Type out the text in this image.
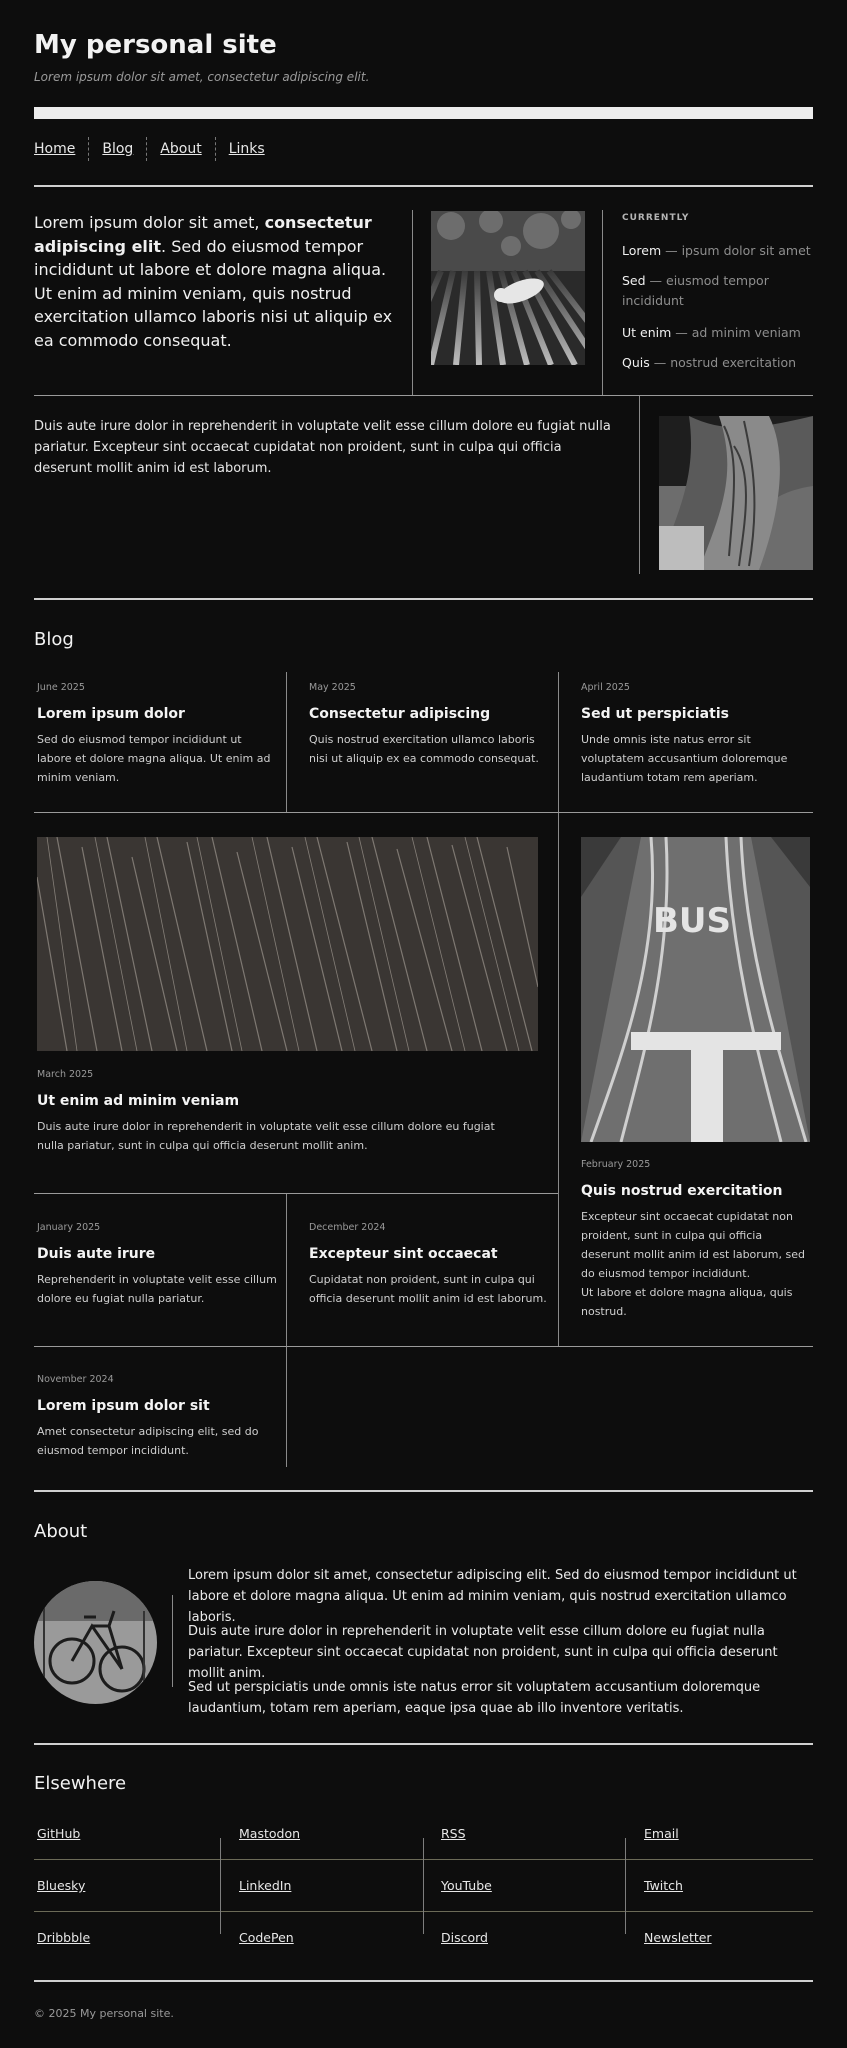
My personal site
Lorem ipsum dolor sit amet, consectetur adipiscing elit.
Home	Blog	About	Links
Lorem ipsum dolor sit amet, consectetur adipiscing elit. Sed do eiusmod tempor incididunt ut labore et dolore magna aliqua. Ut enim ad minim veniam, quis nostrud exercitation ullamco laboris nisi ut aliquip ex ea commodo consequat.
CURRENTLY
Lorem — ipsum dolor sit amet
Sed — eiusmod tempor incididunt
Ut enim — ad minim veniam
Quis — nostrud exercitation
Duis aute irure dolor in reprehenderit in voluptate velit esse cillum dolore eu fugiat nulla pariatur. Excepteur sint occaecat cupidatat non proident, sunt in culpa qui officia deserunt mollit anim id est laborum.
Blog
June 2025
Lorem ipsum dolor
Sed do eiusmod tempor incididunt ut labore et dolore magna aliqua. Ut enim ad minim veniam.
May 2025
Consectetur adipiscing
Quis nostrud exercitation ullamco laboris nisi ut aliquip ex ea commodo consequat.
April 2025
Sed ut perspiciatis
Unde omnis iste natus error sit voluptatem accusantium doloremque laudantium totam rem aperiam.
March 2025
Ut enim ad minim veniam
Duis aute irure dolor in reprehenderit in voluptate velit esse cillum dolore eu fugiat nulla pariatur, sunt in culpa qui officia deserunt mollit anim.
BUS
February 2025
Quis nostrud exercitation
Excepteur sint occaecat cupidatat non proident, sunt in culpa qui officia deserunt mollit anim id est laborum, sed do eiusmod tempor incididunt.
Ut labore et dolore magna aliqua, quis nostrud.
January 2025
Duis aute irure
Reprehenderit in voluptate velit esse cillum dolore eu fugiat nulla pariatur.
December 2024
Excepteur sint occaecat
Cupidatat non proident, sunt in culpa qui officia deserunt mollit anim id est laborum.
November 2024
Lorem ipsum dolor sit
Amet consectetur adipiscing elit, sed do eiusmod tempor incididunt.
About
Lorem ipsum dolor sit amet, consectetur adipiscing elit. Sed do eiusmod tempor incididunt ut labore et dolore magna aliqua. Ut enim ad minim veniam, quis nostrud exercitation ullamco laboris.
Duis aute irure dolor in reprehenderit in voluptate velit esse cillum dolore eu fugiat nulla pariatur. Excepteur sint occaecat cupidatat non proident, sunt in culpa qui officia deserunt mollit anim.
Sed ut perspiciatis unde omnis iste natus error sit voluptatem accusantium doloremque laudantium, totam rem aperiam, eaque ipsa quae ab illo inventore veritatis.
Elsewhere
GitHub	Mastodon	RSS	Email
Bluesky	LinkedIn	YouTube	Twitch
Dribbble	CodePen	Discord	Newsletter
© 2025 My personal site.
